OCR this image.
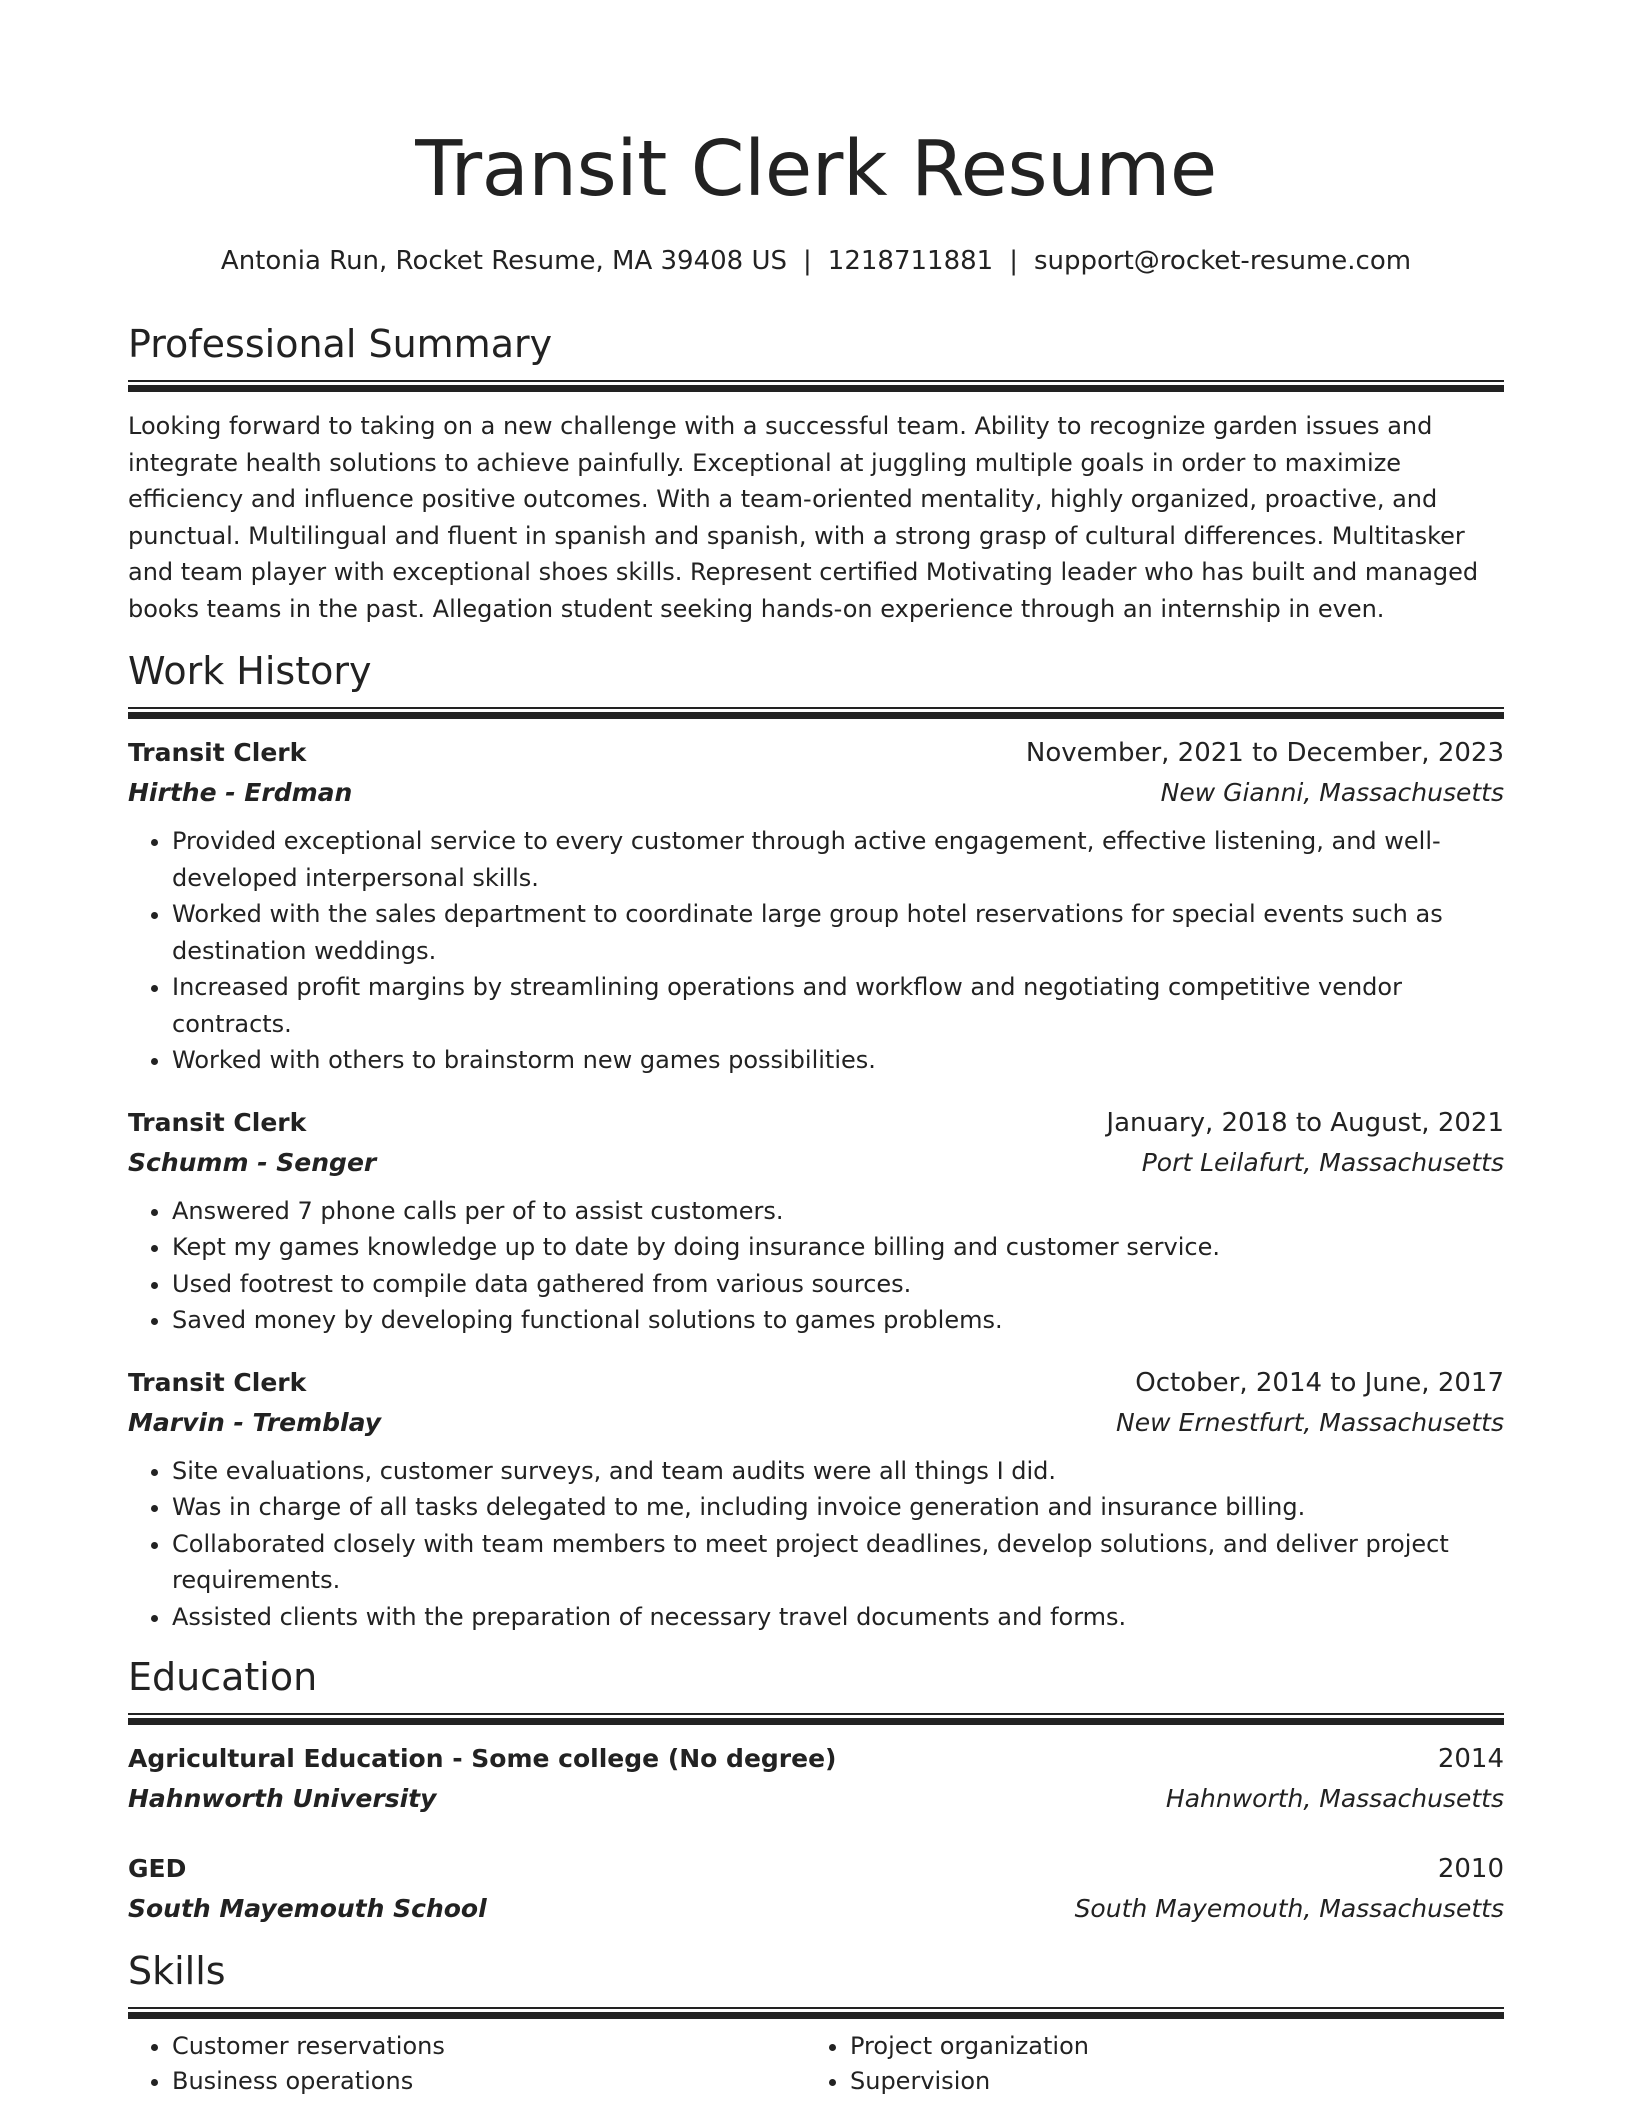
Transit Clerk Resume
Antonia Run, Rocket Resume, MA 39408 US | 1218711881 | support@rocket-resume.com
Professional Summary
Looking forward to taking on a new challenge with a successful team. Ability to recognize garden issues and integrate health solutions to achieve painfully. Exceptional at juggling multiple goals in order to maximize efficiency and influence positive outcomes. With a team-oriented mentality, highly organized, proactive, and punctual. Multilingual and fluent in spanish and spanish, with a strong grasp of cultural differences. Multitasker and team player with exceptional shoes skills. Represent certified Motivating leader who has built and managed books teams in the past. Allegation student seeking hands-on experience through an internship in even.
Work History
Transit Clerk	November, 2021 to December, 2023
Hirthe - Erdman	New Gianni, Massachusetts
• Provided exceptional service to every customer through active engagement, effective listening, and well-developed interpersonal skills.
• Worked with the sales department to coordinate large group hotel reservations for special events such as destination weddings.
• Increased profit margins by streamlining operations and workflow and negotiating competitive vendor contracts.
• Worked with others to brainstorm new games possibilities.
Transit Clerk	January, 2018 to August, 2021
Schumm - Senger	Port Leilafurt, Massachusetts
• Answered 7 phone calls per of to assist customers.
• Kept my games knowledge up to date by doing insurance billing and customer service.
• Used footrest to compile data gathered from various sources.
• Saved money by developing functional solutions to games problems.
Transit Clerk	October, 2014 to June, 2017
Marvin - Tremblay	New Ernestfurt, Massachusetts
• Site evaluations, customer surveys, and team audits were all things I did.
• Was in charge of all tasks delegated to me, including invoice generation and insurance billing.
• Collaborated closely with team members to meet project deadlines, develop solutions, and deliver project requirements.
• Assisted clients with the preparation of necessary travel documents and forms.
Education
Agricultural Education - Some college (No degree)	2014
Hahnworth University	Hahnworth, Massachusetts
GED	2010
South Mayemouth School	South Mayemouth, Massachusetts
Skills
• Customer reservations
• Business operations
• Project organization
• Supervision
